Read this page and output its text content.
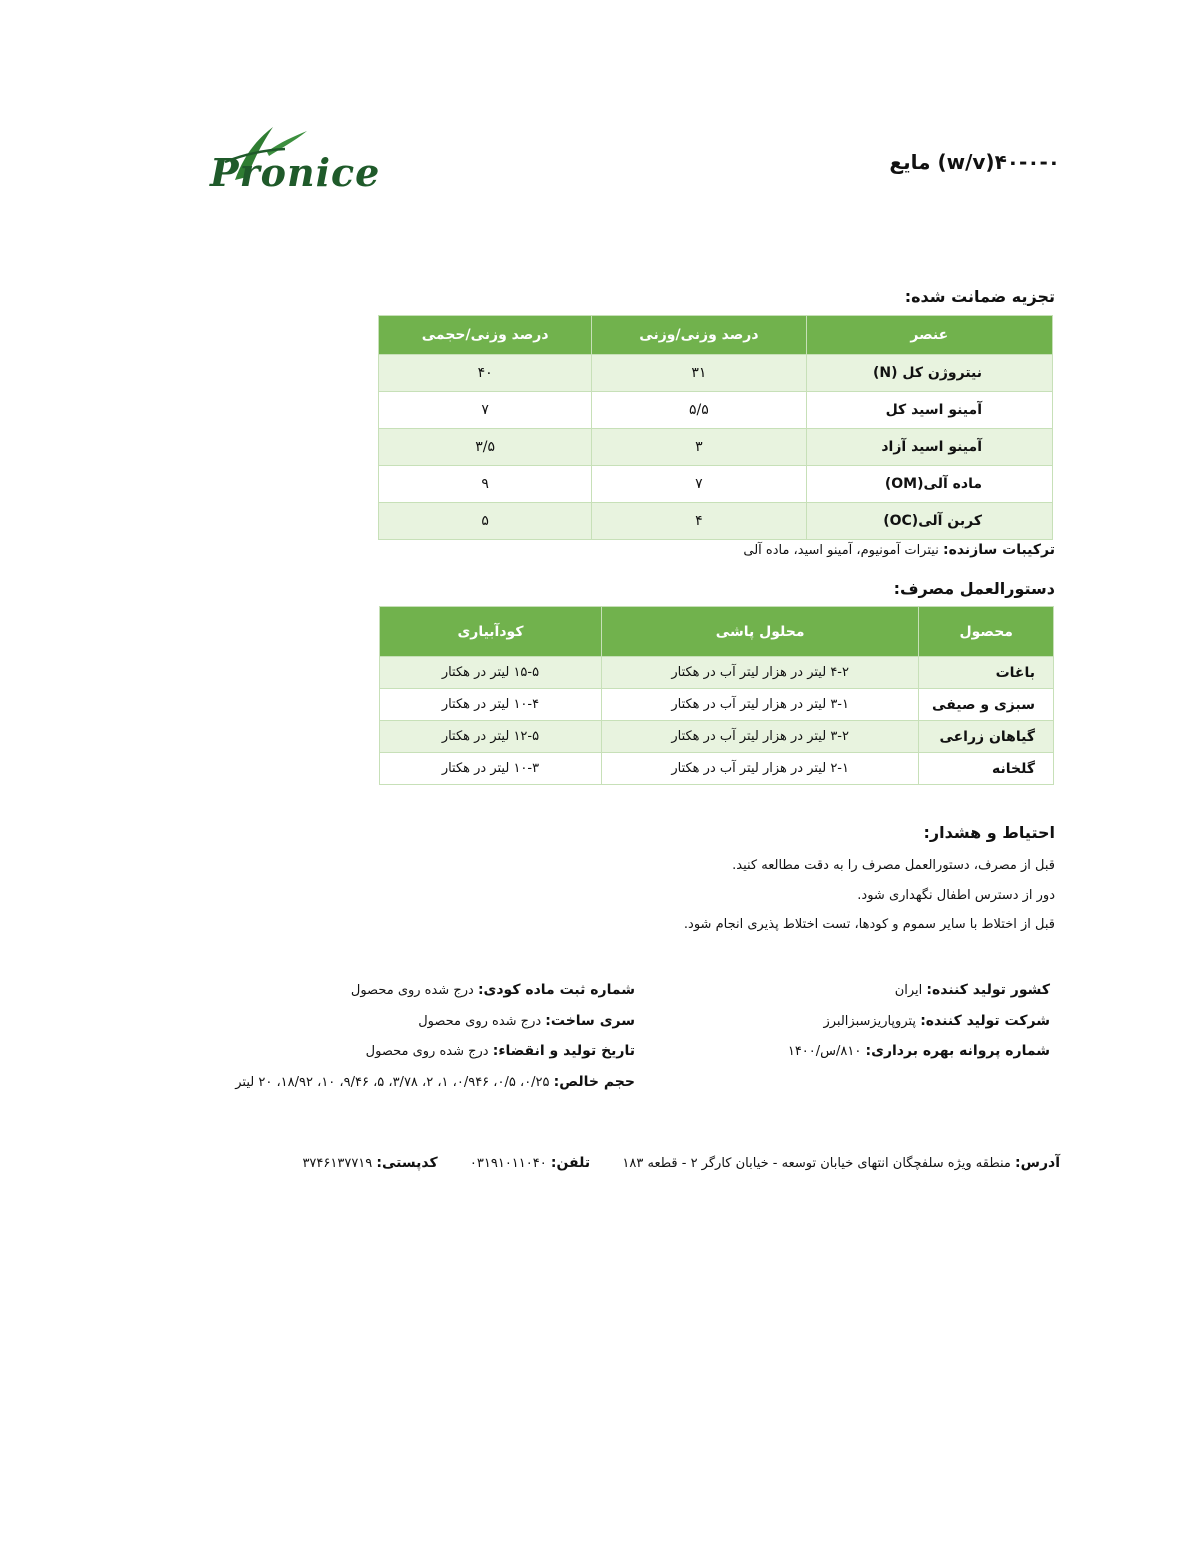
Pronice	۴۰-۰-۰(w/v) مایع
تجزیه ضمانت شده:
عنصر	درصد وزنی/وزنی	درصد وزنی/حجمی
نیتروژن کل (N)	۳۱	۴۰
آمینو اسید کل	۵/۵	۷
آمینو اسید آزاد	۳	۳/۵
ماده آلی(OM)	۷	۹
کربن آلی(OC)	۴	۵
ترکیبات سازنده: نیترات آمونیوم، آمینو اسید، ماده آلی
دستورالعمل مصرف:
محصول	محلول پاشی	کودآبیاری
باغات	۴-۲ لیتر در هزار لیتر آب در هکتار	۱۵-۵ لیتر در هکتار
سبزی و صیفی	۳-۱ لیتر در هزار لیتر آب در هکتار	۱۰-۴ لیتر در هکتار
گیاهان زراعی	۳-۲ لیتر در هزار لیتر آب در هکتار	۱۲-۵ لیتر در هکتار
گلخانه	۲-۱ لیتر در هزار لیتر آب در هکتار	۱۰-۳ لیتر در هکتار
احتیاط و هشدار:
قبل از مصرف، دستورالعمل مصرف را به دقت مطالعه کنید.
دور از دسترس اطفال نگهداری شود.
قبل از اختلاط با سایر سموم و کودها، تست اختلاط پذیری انجام شود.
کشور تولید کننده: ایران
شرکت تولید کننده: پتروپاریزسبزالبرز
شماره پروانه بهره برداری: ۸۱۰/س/۱۴۰۰
شماره ثبت ماده کودی: درج شده روی محصول
سری ساخت: درج شده روی محصول
تاریخ تولید و انقضاء: درج شده روی محصول
حجم خالص: ۰/۲۵، ۰/۵، ۰/۹۴۶، ۱، ۲، ۳/۷۸، ۵، ۹/۴۶، ۱۰، ۱۸/۹۲، ۲۰ لیتر
آدرس: منطقه ویژه سلفچگان انتهای خیابان توسعه - خیابان کارگر ۲ - قطعه ۱۸۳  تلفن: ۰۳۱۹۱۰۱۱۰۴۰  کدپستی: ۳۷۴۶۱۳۷۷۱۹
